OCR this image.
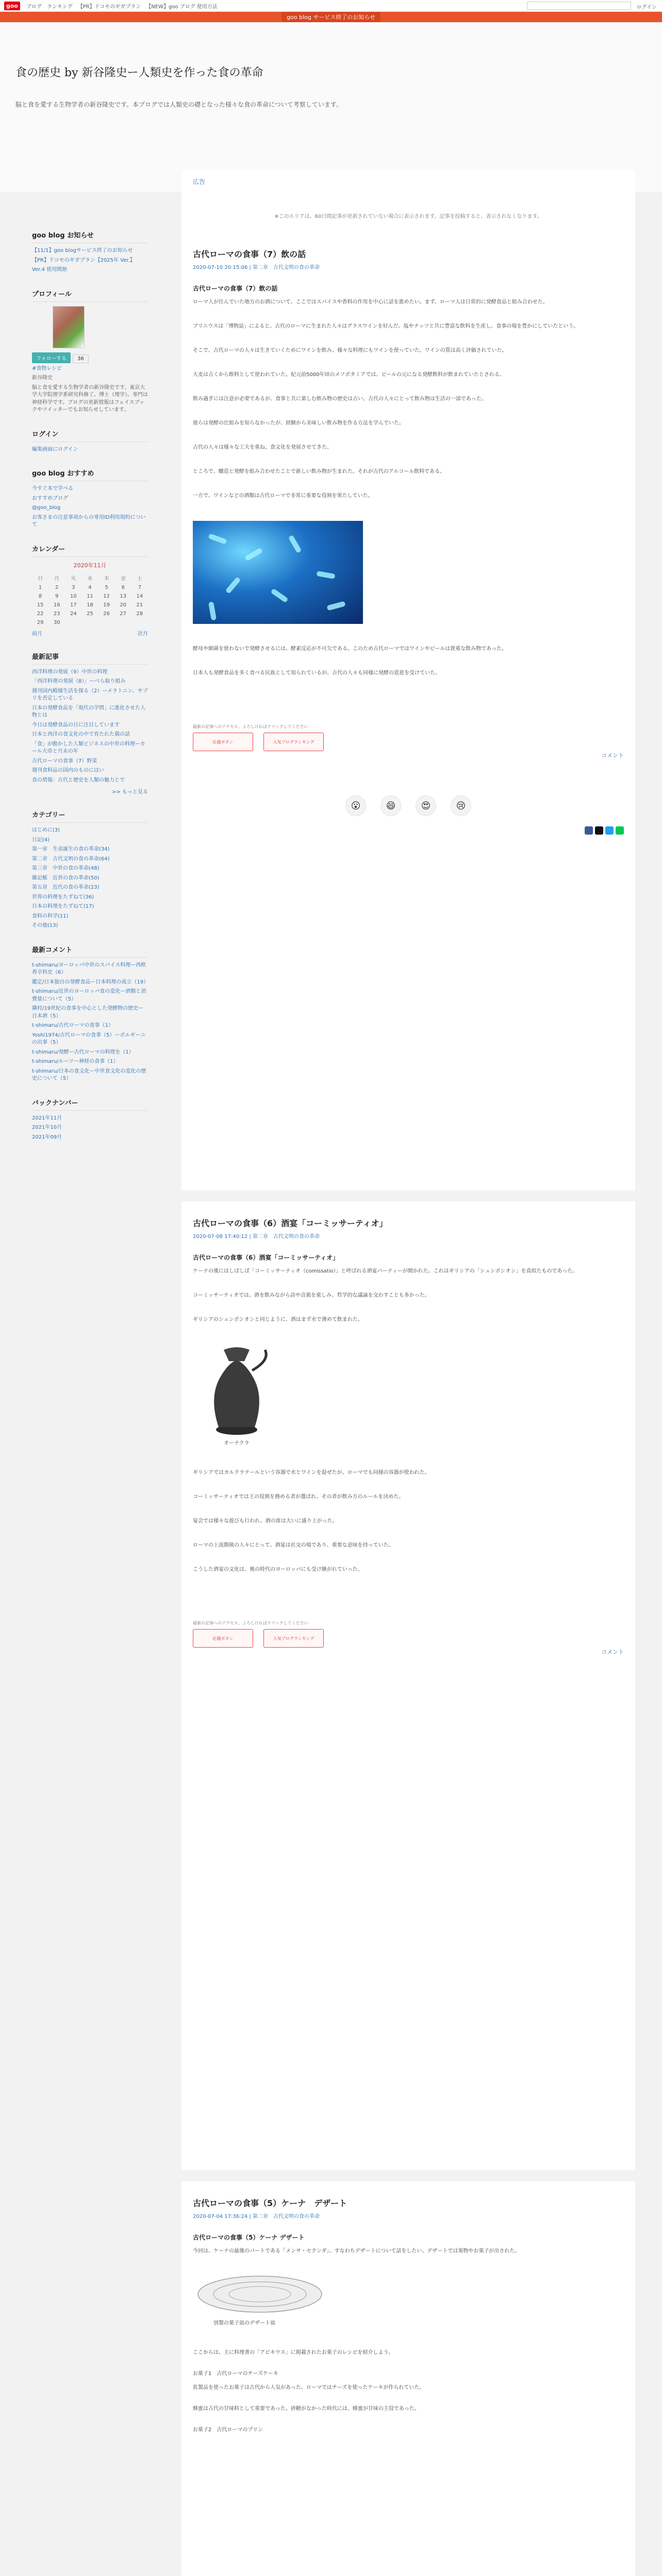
goo	ブログ ランキング 【PR】ドコモのギガプラン 【NEW】goo ブログ 使用方法	ログイン
goo blog サービス終了のお知らせ
食の歴史 by 新谷隆史ー人類史を作った食の革命
脳と食を愛する生物学者の新谷隆史です。本ブログでは人類史の礎となった様々な食の革命について考察しています。
goo blog お知らせ
【11/1】goo blogサービス終了のお知らせ
【PR】ドコモのギガプラン【2025年 Ver.】
Ver.4 使用開始
プロフィール
フォローする 36
#食物レシピ
新谷隆史
脳と食を愛する生物学者の新谷隆史です。東京大学大学院理学系研究科修了。博士（理学）。専門は神経科学です。ブログの更新情報はフェイスブックやツイッターでもお知らせしています。
ログイン
編集画面にログイン
goo blog おすすめ
今すぐ本で学べる
おすすめブログ
@goo_blog
お客さまの注意事項からの専用ID利用規約について
カレンダー
2020年11月
日	月	火	水	木	金	土
1	2	3	4	5	6	7
8	9	10	11	12	13	14
15	16	17	18	19	20	21
22	23	24	25	26	27	28
29	30					
前月	次月
最新記事
西洋料理の発展（9）中世の料理
「西洋料理の発展（8）」ーべら取り組み
週刊国内殿様生活を探る（2）ーメラトニン、サプリを否定している
日本の発酵食品を「現代の学問」に進化させた人物とは
今日は発酵食品の日に注目しています
日本と西洋の食文化の中で育たれた鶏の話
「食」が動かした人類ビジネスの中世の料理ーカール大帝と月末の年
古代ローマの食事（7）野菜
週刊食料品の国内のものにはい
食の情報：古代と歴史を人類の魅力とで
>> もっと見る
カテゴリー
はじめに(3)
日記(4)
第一章　生命誕生の食の革命(34)
第二章　古代文明の食の革命(64)
第三章　中世の食の革命(48)
雑記帳　近世の食の革命(50)
第五章　近代の食の革命(23)
世界の料理をたずねて(36)
日本の料理をたずねて(17)
食料の科学(11)
その他(13)
最新コメント
t-shimaru/ヨーロッパ中世のスパイス料理ー西欧香辛料史（6）
鑑定/日本独自の発酵食品ー日本料理の成立（19）
t-shimaru/近世のヨーロッパ食の変化ー酒類と消費量について（5）
隣村/19世紀の食事を中心とした発酵物の歴史ー日本酒（5）
t-shimaru/古代ローマの食事（1）
Yoshi1974/古代ローマの食事（5）ーボルギーニの出事（5）
t-shimaru/発酵ー古代ローマの料理を（1）
t-shimaru/ルーツー神経の食事（1）
t-shimaru/日本の食文化ー中世食文化の変化の歴史について（5）
バックナンバー
2021年11月
2021年10月
2021年09月
広告
※このエリアは、60日間記事が更新されていない場合に表示されます。記事を投稿すると、表示されなくなります。
古代ローマの食事（7）飲の話
2020-07-10 20:15:06 | 第二章　古代文明の食の革命
古代ローマの食事（7）飲の話

ローマ人が住んでいた地方のお酒について、ここではスパイスや香料の作用を中心に話を進めたい。まず、ローマ人は日常的に発酵食品と組み合わせた。

ブリニウスは「博物誌」によると、古代のローマに生まれた人々はグラスワインを好んだ。塩やナッツと共に豊富な飲料を生産し、食事の場を豊かにしていたという。

そこで、古代ローマの人々は生きていくためにワインを飲み、様々な料理にもワインを使っていた。ワインの質は高く評価されていた。

大麦は古くから飲料として使われていた。紀元前5000年頃のメソポタミアでは、ビールの元になる発酵飲料が飲まれていたとされる。

飲み過ぎには注意が必要であるが、食事と共に楽しむ飲み物の歴史は古い。古代の人々にとって飲み物は生活の一部であった。

彼らは発酵の仕組みを知らなかったが、経験から美味しい飲み物を作る方法を学んでいた。

古代の人々は様々な工夫を重ね、食文化を発展させてきた。

ところで、醸造と発酵を組み合わせたことで新しい飲み物が生まれた。それが古代のアルコール飲料である。

一方で、ワインなどの酒類は古代ローマで非常に重要な役割を果たしていた。

酵母や細菌を使わないで発酵させるには、酵素反応が不可欠である。このため古代ローマではワインやビールは貴重な飲み物であった。

日本人も発酵食品を多く食べる民族として知られているが、古代の人々も同様に発酵の恩恵を受けていた。

最新の記事へのアクセス、よろしければクリックしてください
応援ボタン	人気ブログランキング
コメント
😮	😄	😍	😢
古代ローマの食事（6）酒宴「コーミッサーティオ」
2020-07-08 17:40:12 | 第二章　古代文明の食の革命
古代ローマの食事（6）酒宴「コーミッサーティオ」

ケーナの後にはしばしば「コーミッサーティオ（comissatio）」と呼ばれる酒宴パーティーが開かれた。これはギリシアの「シュンポシオン」を真似たものであった。

コーミッサーティオでは、酒を飲みながら詩や音楽を楽しみ、哲学的な議論を交わすことも多かった。

ギリシアのシュンポシオンと同じように、酒はまず水で薄めて飲まれた。

オーナクラ

ギリシアではカルクラテールという容器で水とワインを混ぜたが、ローマでも同様の容器が使われた。

コーミッサーティオでは王の役割を務める者が選ばれ、その者が飲み方のルールを決めた。

宴会では様々な遊びも行われ、酒の席は大いに盛り上がった。

ローマの上流階級の人々にとって、酒宴は社交の場であり、重要な意味を持っていた。

こうした酒宴の文化は、後の時代のヨーロッパにも受け継がれていった。

最新の記事へのアクセス、よろしければクリックしてください
応援ボタン	人気ブログランキング
コメント
古代ローマの食事（5）ケーナ　デザート
2020-07-04 17:36:24 | 第二章　古代文明の食の革命
古代ローマの食事（5）ケーナ デザート

今回は、ケーナの最後のパートである「メンサ・セクンダ」、すなわちデザートについて話をしたい。デザートでは果物やお菓子が出された。

別製の菓子皿のデザート皿

ここからは、主に料理書の「アピキウス」に掲載されたお菓子のレシピを紹介しよう。

お菓子1　古代ローマのチーズケーキ

乳製品を使ったお菓子は古代から人気があった。ローマではチーズを使ったケーキが作られていた。

蜂蜜は古代の甘味料として重要であった。砂糖がなかった時代には、蜂蜜が甘味の主役であった。

お菓子2　古代ローマのプリン
